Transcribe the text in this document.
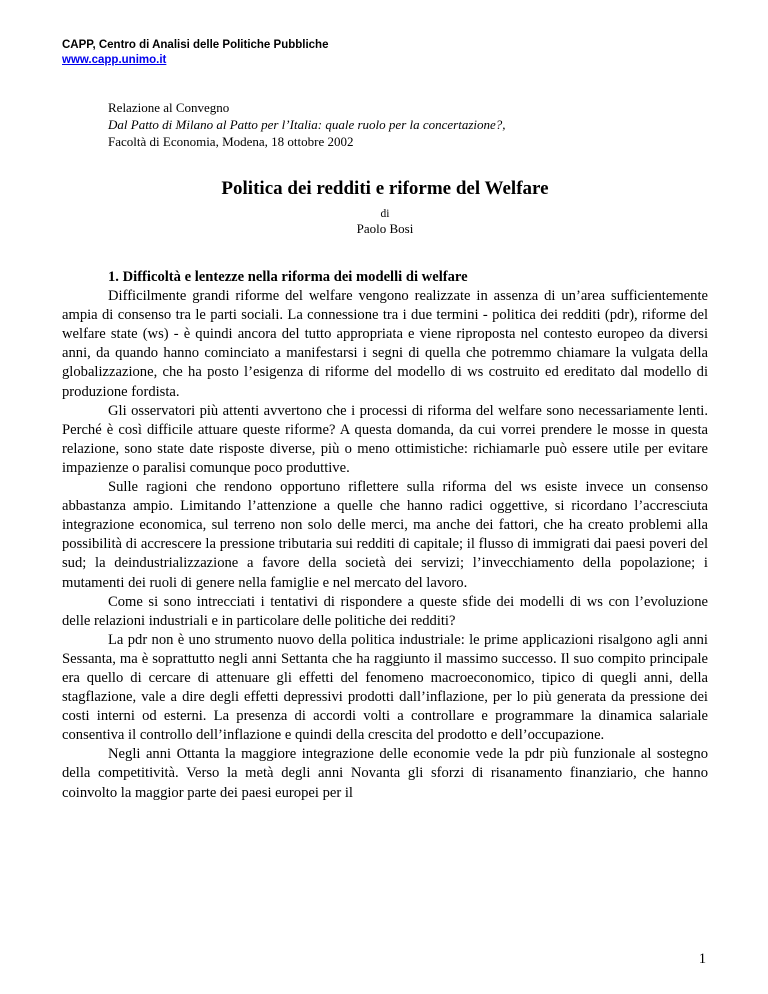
CAPP, Centro di Analisi delle Politiche Pubbliche
www.capp.unimo.it
Relazione al Convegno
Dal Patto di Milano al Patto per l’Italia: quale ruolo per la concertazione?,
Facoltà di Economia, Modena, 18 ottobre 2002
Politica dei redditi e riforme del Welfare
di
Paolo Bosi
1. Difficoltà e lentezze nella riforma dei modelli di welfare

Difficilmente grandi riforme del welfare vengono realizzate in assenza di un’area sufficientemente ampia di consenso tra le parti sociali. La connessione tra i due termini - politica dei redditi (pdr), riforme del welfare state (ws) - è quindi ancora del tutto appropriata e viene riproposta nel contesto europeo da diversi anni, da quando hanno cominciato a manifestarsi i segni di quella che potremmo chiamare la vulgata della globalizzazione, che ha posto l’esigenza di riforme del modello di ws costruito ed ereditato dal modello di produzione fordista.

Gli osservatori più attenti avvertono che i processi di riforma del welfare sono necessariamente lenti. Perché è così difficile attuare queste riforme? A questa domanda, da cui vorrei prendere le mosse in questa relazione, sono state date risposte diverse, più o meno ottimistiche: richiamarle può essere utile per evitare impazienze o paralisi comunque poco produttive.

Sulle ragioni che rendono opportuno riflettere sulla riforma del ws esiste invece un consenso abbastanza ampio. Limitando l’attenzione a quelle che hanno radici oggettive, si ricordano l’accresciuta integrazione economica, sul terreno non solo delle merci, ma anche dei fattori, che ha creato problemi alla possibilità di accrescere la pressione tributaria sui redditi di capitale; il flusso di immigrati dai paesi poveri del sud; la deindustrializzazione a favore della società dei servizi; l’invecchiamento della popolazione; i mutamenti dei ruoli di genere nella famiglie e nel mercato del lavoro.

Come si sono intrecciati i tentativi di rispondere a queste sfide dei modelli di ws con l’evoluzione delle relazioni industriali e in particolare delle politiche dei redditi?

La pdr non è uno strumento nuovo della politica industriale: le prime applicazioni risalgono agli anni Sessanta, ma è soprattutto negli anni Settanta che ha raggiunto il massimo successo. Il suo compito principale era quello di cercare di attenuare gli effetti del fenomeno macroeconomico, tipico di quegli anni, della stagflazione, vale a dire degli effetti depressivi prodotti dall’inflazione, per lo più generata da pressione dei costi interni od esterni. La presenza di accordi volti a controllare e programmare la dinamica salariale consentiva il controllo dell’inflazione e quindi della crescita del prodotto e dell’occupazione.

Negli anni Ottanta la maggiore integrazione delle economie vede la pdr più funzionale al sostegno della competitività. Verso la metà degli anni Novanta gli sforzi di risanamento finanziario, che hanno coinvolto la maggior parte dei paesi europei per il

1
